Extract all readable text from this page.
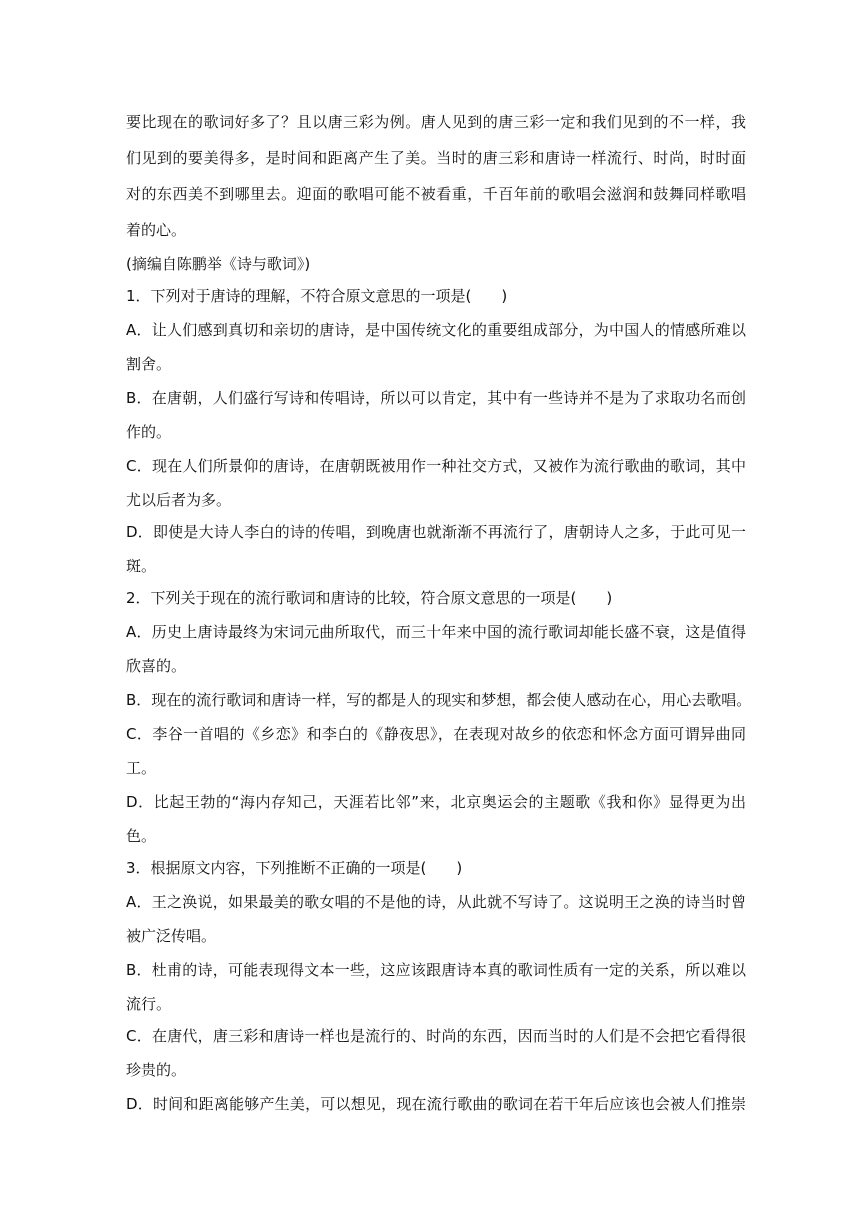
要比现在的歌词好多了？且以唐三彩为例。唐人见到的唐三彩一定和我们见到的不一样，我

们见到的要美得多，是时间和距离产生了美。当时的唐三彩和唐诗一样流行、时尚，时时面

对的东西美不到哪里去。迎面的歌唱可能不被看重，千百年前的歌唱会滋润和鼓舞同样歌唱

着的心。

(摘编自陈鹏举《诗与歌词》)

1．下列对于唐诗的理解，不符合原文意思的一项是(　　)

A．让人们感到真切和亲切的唐诗，是中国传统文化的重要组成部分，为中国人的情感所难以

割舍。

B．在唐朝，人们盛行写诗和传唱诗，所以可以肯定，其中有一些诗并不是为了求取功名而创

作的。

C．现在人们所景仰的唐诗，在唐朝既被用作一种社交方式，又被作为流行歌曲的歌词，其中

尤以后者为多。

D．即使是大诗人李白的诗的传唱，到晚唐也就渐渐不再流行了，唐朝诗人之多，于此可见一

斑。

2．下列关于现在的流行歌词和唐诗的比较，符合原文意思的一项是(　　)

A．历史上唐诗最终为宋词元曲所取代，而三十年来中国的流行歌词却能长盛不衰，这是值得

欣喜的。

B．现在的流行歌词和唐诗一样，写的都是人的现实和梦想，都会使人感动在心，用心去歌唱。

C．李谷一首唱的《乡恋》和李白的《静夜思》，在表现对故乡的依恋和怀念方面可谓异曲同

工。

D．比起王勃的“海内存知己，天涯若比邻”来，北京奥运会的主题歌《我和你》显得更为出

色。

3．根据原文内容，下列推断不正确的一项是(　　)

A．王之涣说，如果最美的歌女唱的不是他的诗，从此就不写诗了。这说明王之涣的诗当时曾

被广泛传唱。

B．杜甫的诗，可能表现得文本一些，这应该跟唐诗本真的歌词性质有一定的关系，所以难以

流行。

C．在唐代，唐三彩和唐诗一样也是流行的、时尚的东西，因而当时的人们是不会把它看得很

珍贵的。

D．时间和距离能够产生美，可以想见，现在流行歌曲的歌词在若干年后应该也会被人们推崇
